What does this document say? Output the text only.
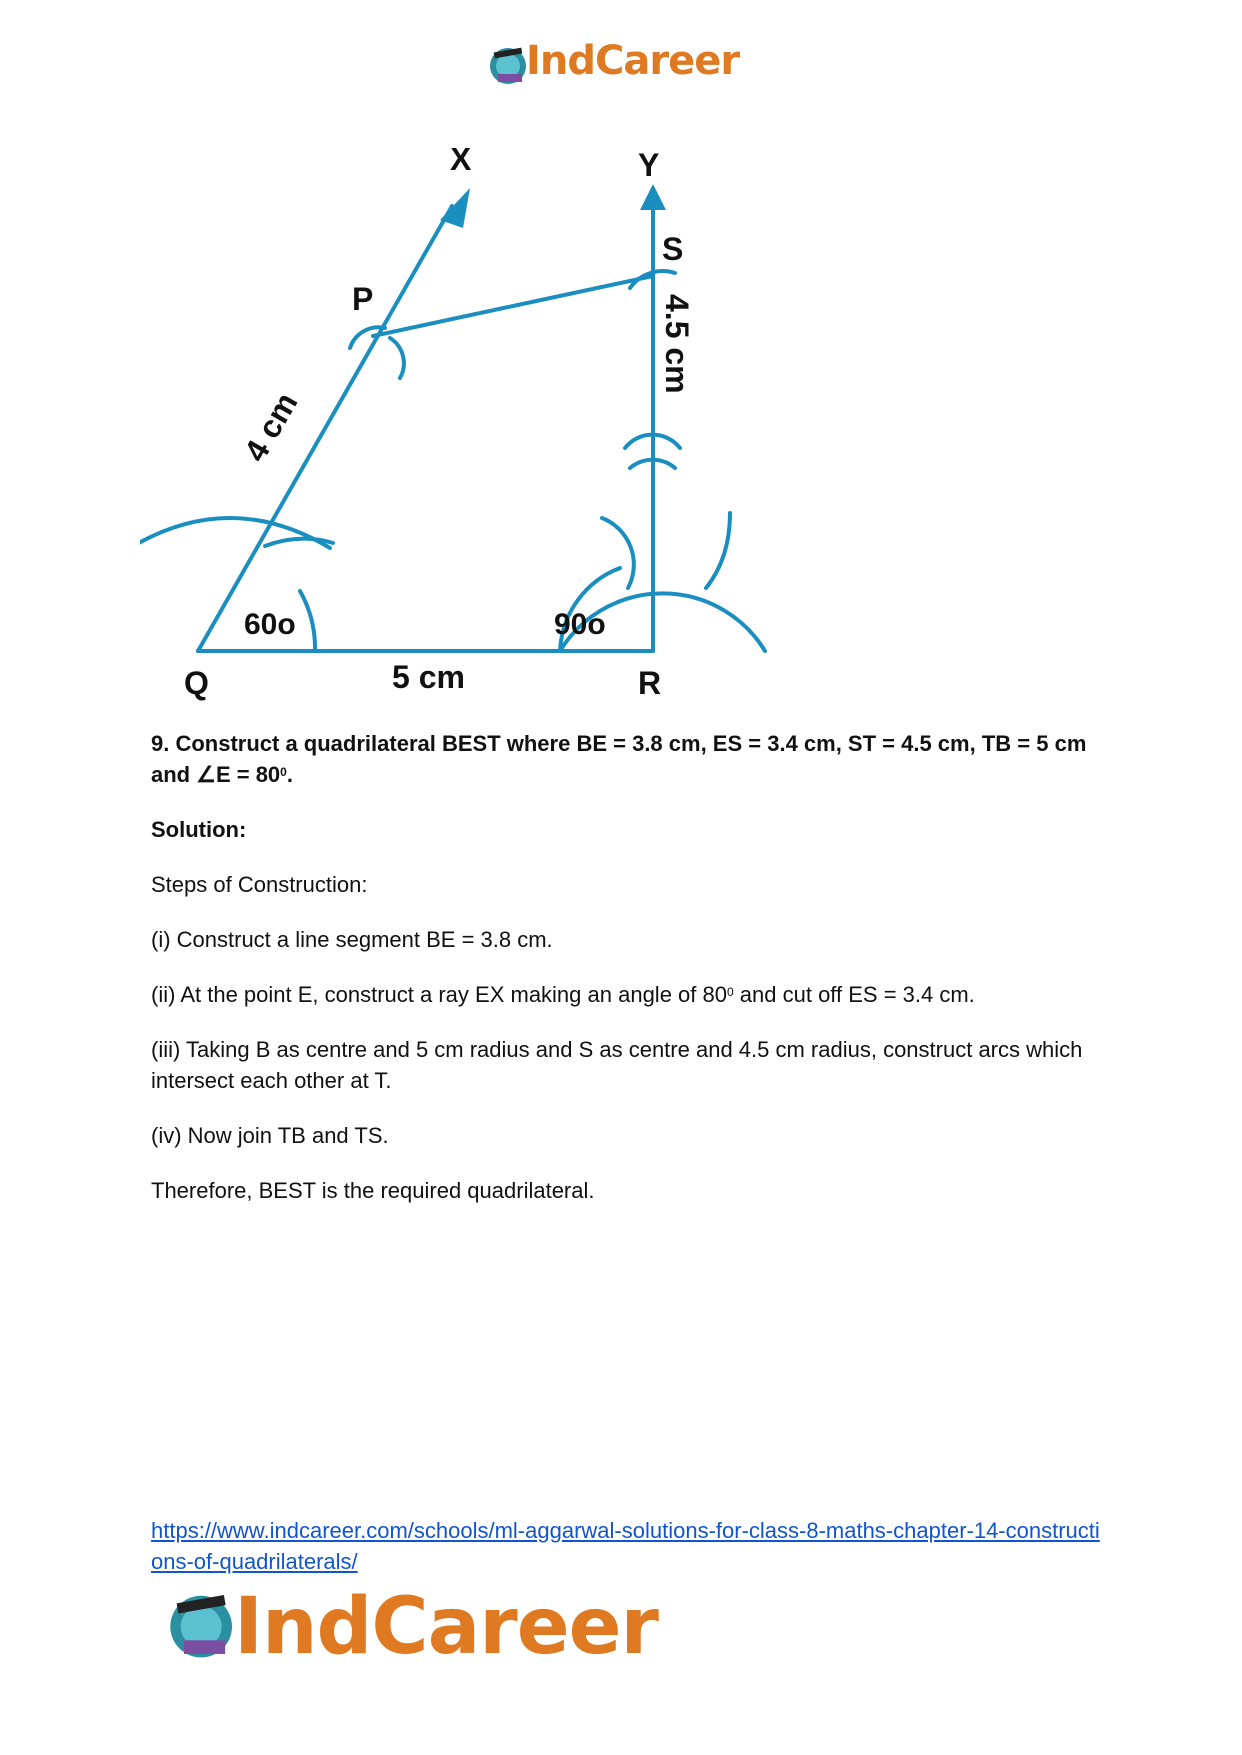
IndCareer
X	Y
P
S
Q	R
5 cm
60o	90o
4 cm
4.5 cm

9. Construct a quadrilateral BEST where BE = 3.8 cm, ES = 3.4 cm, ST = 4.5 cm, TB = 5 cm and ∠E = $80^0$.

Solution:

Steps of Construction:

(i) Construct a line segment BE = 3.8 cm.

(ii) At the point E, construct a ray EX making an angle of $80^0$ and cut off ES = 3.4 cm.

(iii) Taking B as centre and 5 cm radius and S as centre and 4.5 cm radius, construct arcs which intersect each other at T.

(iv) Now join TB and TS.

Therefore, BEST is the required quadrilateral.

https://www.indcareer.com/schools/ml-aggarwal-solutions-for-class-8-maths-chapter-14-constructions-of-quadrilaterals/
IndCareer
